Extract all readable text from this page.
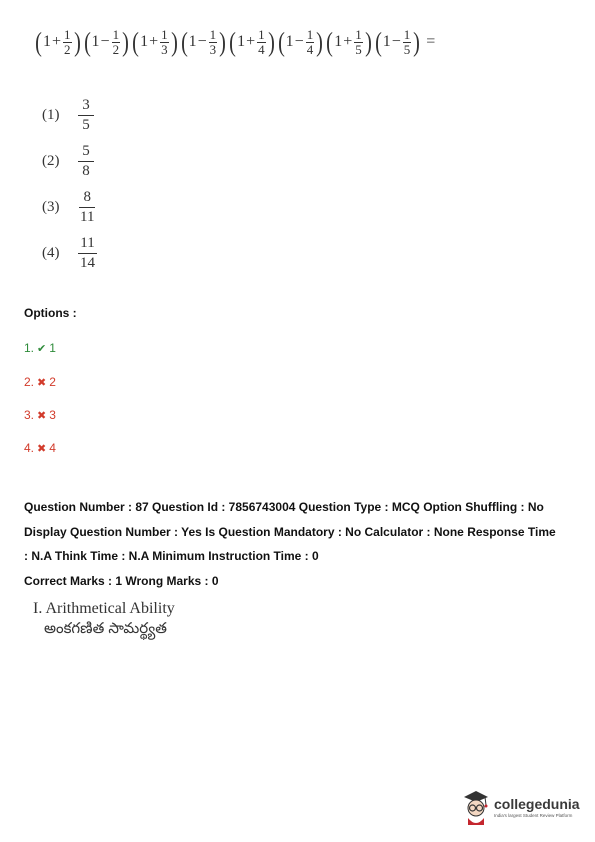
( $1 + \frac{1}{2}$ ) ( $1 - \frac{1}{2}$ ) ( $1 + \frac{1}{3}$ ) ( $1 - \frac{1}{3}$ ) ( $1 + \frac{1}{4}$ ) ( $1 - \frac{1}{4}$ ) ( $1 + \frac{1}{5}$ ) ( $1 - \frac{1}{5}$ ) =
(1)	$\frac{3}{5}$
(2)	$\frac{5}{8}$
(3)	$\frac{8}{11}$
(4)	$\frac{11}{14}$
Options :
1. ✔ 1
2. ✖ 2
3. ✖ 3
4. ✖ 4
Question Number : 87 Question Id : 7856743004 Question Type : MCQ Option Shuffling : No
Display Question Number : Yes Is Question Mandatory : No Calculator : None Response Time
: N.A Think Time : N.A Minimum Instruction Time : 0
Correct Marks : 1 Wrong Marks : 0
I. Arithmetical Ability
అంకగణిత సామర్థ్యత
collegedunia
India's largest Student Review Platform
